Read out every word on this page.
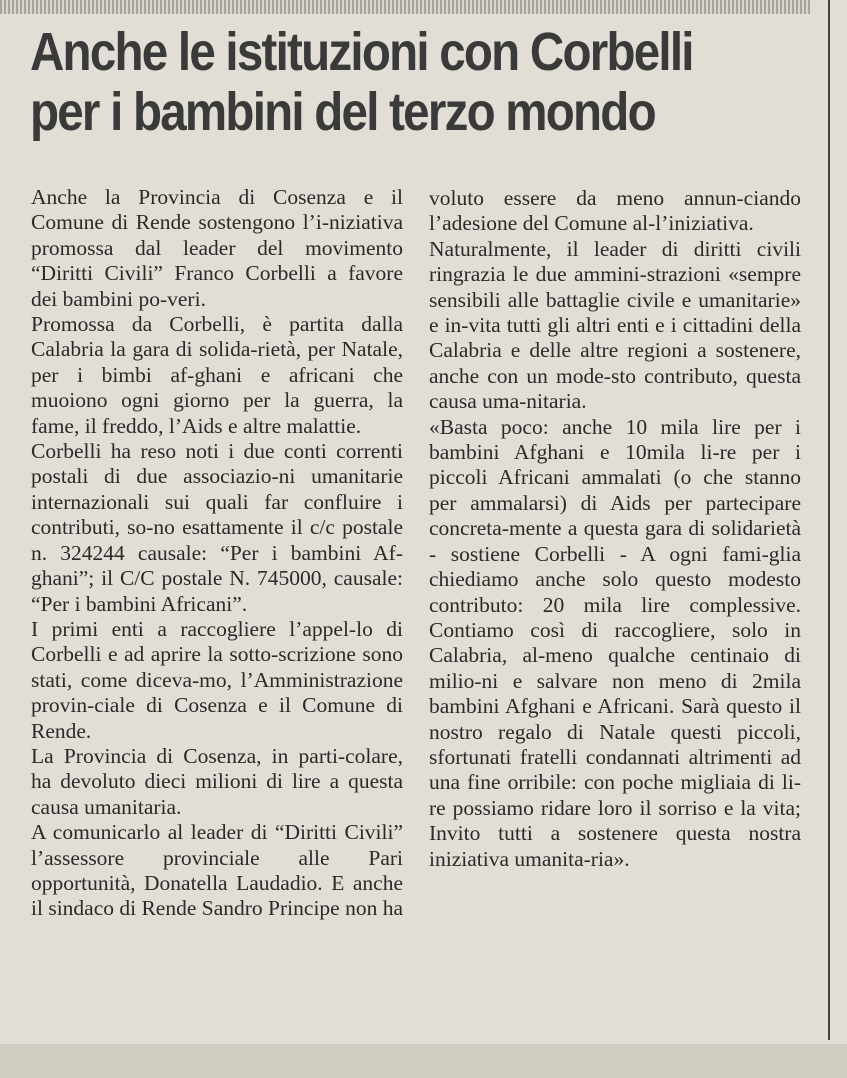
Anche le istituzioni con Corbelli
per i bambini del terzo mondo

Anche la Provincia di Cosenza e il Comune di Rende sostengono l’i-niziativa promossa dal leader del movimento “Diritti Civili” Franco Corbelli a favore dei bambini po-veri.

Promossa da Corbelli, è partita dalla Calabria la gara di solida-rietà, per Natale, per i bimbi af-ghani e africani che muoiono ogni giorno per la guerra, la fame, il freddo, l’Aids e altre malattie.

Corbelli ha reso noti i due conti correnti postali di due associazio-ni umanitarie internazionali sui quali far confluire i contributi, so-no esattamente il c/c postale n. 324244 causale: “Per i bambini Af-ghani”; il C/C postale N. 745000, causale: “Per i bambini Africani”.

I primi enti a raccogliere l’appel-lo di Corbelli e ad aprire la sotto-scrizione sono stati, come diceva-mo, l’Amministrazione provin-ciale di Cosenza e il Comune di Rende.

La Provincia di Cosenza, in parti-colare, ha devoluto dieci milioni di lire a questa causa umanitaria.

A comunicarlo al leader di “Diritti Civili” l’assessore provinciale alle Pari opportunità, Donatella Laudadio. E anche il sindaco di Rende Sandro Principe non ha

voluto essere da meno annun-ciando l’adesione del Comune al-l’iniziativa.

Naturalmente, il leader di diritti civili ringrazia le due ammini-strazioni «sempre sensibili alle battaglie civile e umanitarie» e in-vita tutti gli altri enti e i cittadini della Calabria e delle altre regioni a sostenere, anche con un mode-sto contributo, questa causa uma-nitaria.

«Basta poco: anche 10 mila lire per i bambini Afghani e 10mila li-re per i piccoli Africani ammalati (o che stanno per ammalarsi) di Aids per partecipare concreta-mente a questa gara di solidarietà - sostiene Corbelli - A ogni fami-glia chiediamo anche solo questo modesto contributo: 20 mila lire complessive. Contiamo così di raccogliere, solo in Calabria, al-meno qualche centinaio di milio-ni e salvare non meno di 2mila bambini Afghani e Africani. Sarà questo il nostro regalo di Natale questi piccoli, sfortunati fratelli condannati altrimenti ad una fine orribile: con poche migliaia di li-re possiamo ridare loro il sorriso e la vita; Invito tutti a sostenere questa nostra iniziativa umanita-ria».
